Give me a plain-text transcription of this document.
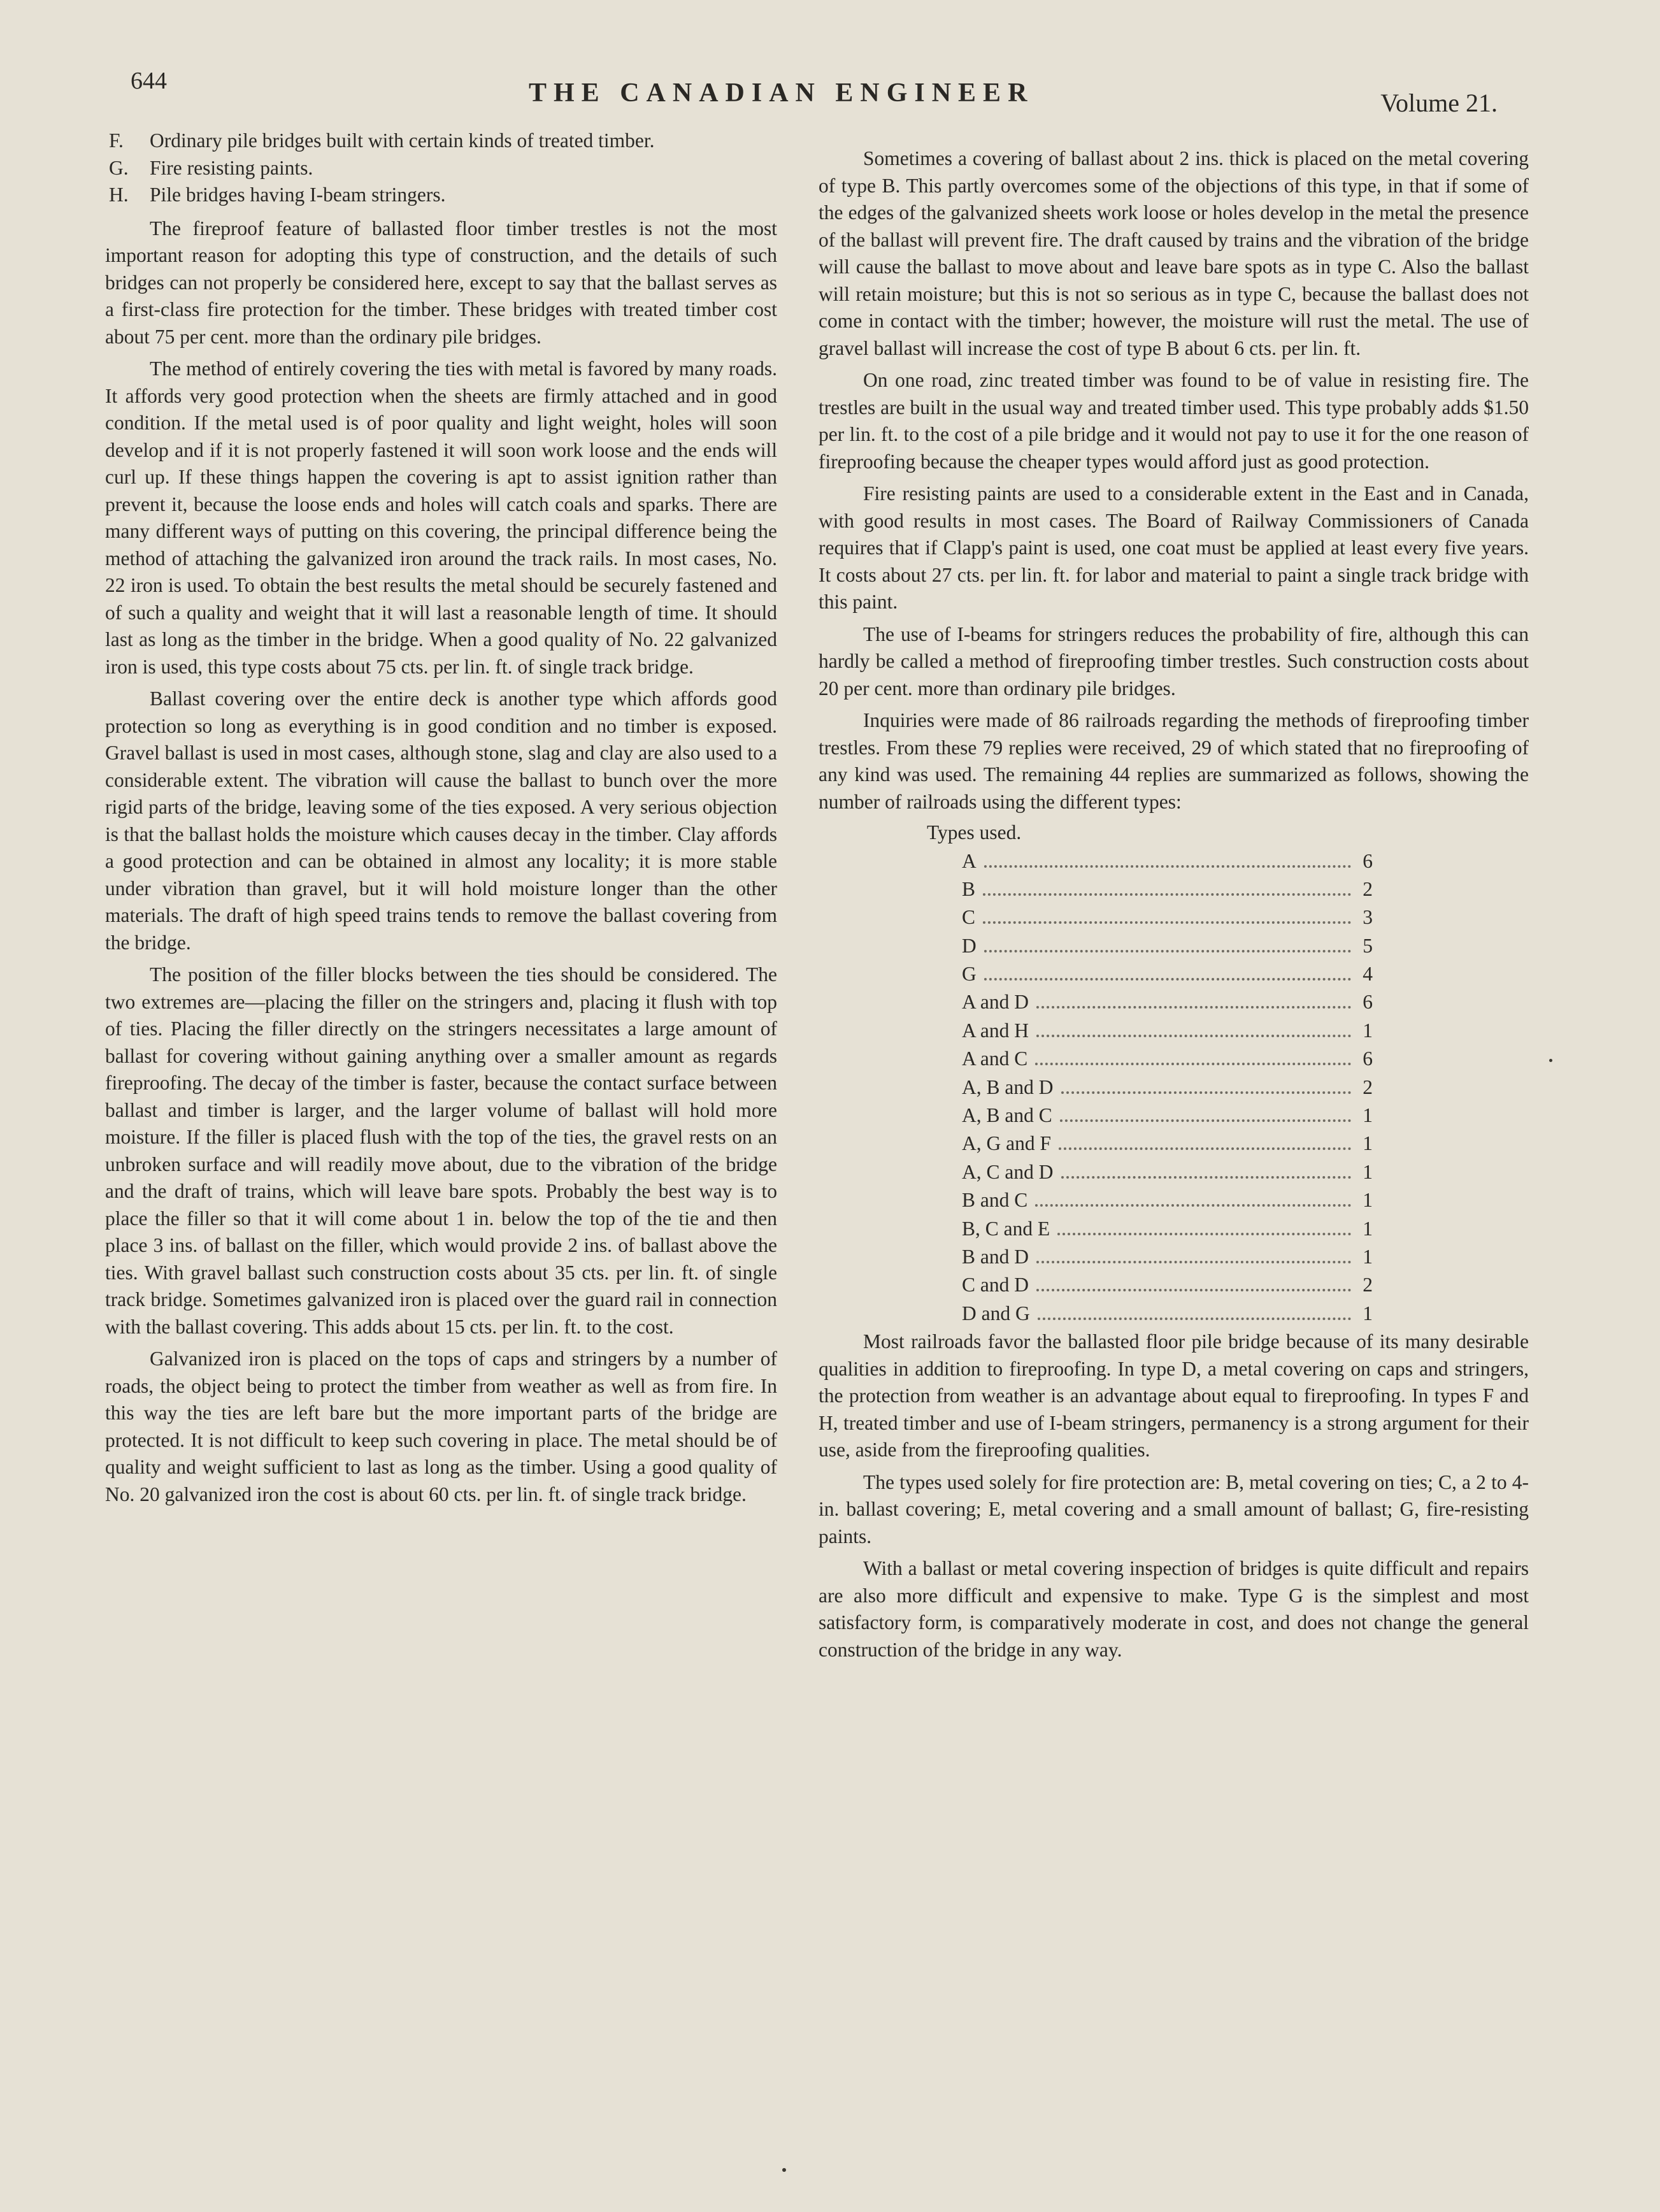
644	THE CANADIAN ENGINEER	Volume 21.
F. Ordinary pile bridges built with certain kinds of treated timber.
G. Fire resisting paints.
H. Pile bridges having I-beam stringers.

The fireproof feature of ballasted floor timber trestles is not the most important reason for adopting this type of construction, and the details of such bridges can not properly be considered here, except to say that the ballast serves as a first-class fire protection for the timber. These bridges with treated timber cost about 75 per cent. more than the ordinary pile bridges.

The method of entirely covering the ties with metal is favored by many roads. It affords very good protection when the sheets are firmly attached and in good condition. If the metal used is of poor quality and light weight, holes will soon develop and if it is not properly fastened it will soon work loose and the ends will curl up. If these things happen the covering is apt to assist ignition rather than prevent it, because the loose ends and holes will catch coals and sparks. There are many different ways of putting on this covering, the principal difference being the method of attaching the galvanized iron around the track rails. In most cases, No. 22 iron is used. To obtain the best results the metal should be securely fastened and of such a quality and weight that it will last a reasonable length of time. It should last as long as the timber in the bridge. When a good quality of No. 22 galvanized iron is used, this type costs about 75 cts. per lin. ft. of single track bridge.

Ballast covering over the entire deck is another type which affords good protection so long as everything is in good condition and no timber is exposed. Gravel ballast is used in most cases, although stone, slag and clay are also used to a considerable extent. The vibration will cause the ballast to bunch over the more rigid parts of the bridge, leaving some of the ties exposed. A very serious objection is that the ballast holds the moisture which causes decay in the timber. Clay affords a good protection and can be obtained in almost any locality; it is more stable under vibration than gravel, but it will hold moisture longer than the other materials. The draft of high speed trains tends to remove the ballast covering from the bridge.

The position of the filler blocks between the ties should be considered. The two extremes are—placing the filler on the stringers and, placing it flush with top of ties. Placing the filler directly on the stringers necessitates a large amount of ballast for covering without gaining anything over a smaller amount as regards fireproofing. The decay of the timber is faster, because the contact surface between ballast and timber is larger, and the larger volume of ballast will hold more moisture. If the filler is placed flush with the top of the ties, the gravel rests on an unbroken surface and will readily move about, due to the vibration of the bridge and the draft of trains, which will leave bare spots. Probably the best way is to place the filler so that it will come about 1 in. below the top of the tie and then place 3 ins. of ballast on the filler, which would provide 2 ins. of ballast above the ties. With gravel ballast such construction costs about 35 cts. per lin. ft. of single track bridge. Sometimes galvanized iron is placed over the guard rail in connection with the ballast covering. This adds about 15 cts. per lin. ft. to the cost.

Galvanized iron is placed on the tops of caps and stringers by a number of roads, the object being to protect the timber from weather as well as from fire. In this way the ties are left bare but the more important parts of the bridge are protected. It is not difficult to keep such covering in place. The metal should be of quality and weight sufficient to last as long as the timber. Using a good quality of No. 20 galvanized iron the cost is about 60 cts. per lin. ft. of single track bridge.

Sometimes a covering of ballast about 2 ins. thick is placed on the metal covering of type B. This partly overcomes some of the objections of this type, in that if some of the edges of the galvanized sheets work loose or holes develop in the metal the presence of the ballast will prevent fire. The draft caused by trains and the vibration of the bridge will cause the ballast to move about and leave bare spots as in type C. Also the ballast will retain moisture; but this is not so serious as in type C, because the ballast does not come in contact with the timber; however, the moisture will rust the metal. The use of gravel ballast will increase the cost of type B about 6 cts. per lin. ft.

On one road, zinc treated timber was found to be of value in resisting fire. The trestles are built in the usual way and treated timber used. This type probably adds $1.50 per lin. ft. to the cost of a pile bridge and it would not pay to use it for the one reason of fireproofing because the cheaper types would afford just as good protection.

Fire resisting paints are used to a considerable extent in the East and in Canada, with good results in most cases. The Board of Railway Commissioners of Canada requires that if Clapp's paint is used, one coat must be applied at least every five years. It costs about 27 cts. per lin. ft. for labor and material to paint a single track bridge with this paint.

The use of I-beams for stringers reduces the probability of fire, although this can hardly be called a method of fireproofing timber trestles. Such construction costs about 20 per cent. more than ordinary pile bridges.

Inquiries were made of 86 railroads regarding the methods of fireproofing timber trestles. From these 79 replies were received, 29 of which stated that no fireproofing of any kind was used. The remaining 44 replies are summarized as follows, showing the number of railroads using the different types:

Types used.
A	6
B	2
C	3
D	5
G	4
A and D	6
A and H	1
A and C	6
A, B and D	2
A, B and C	1
A, G and F	1
A, C and D	1
B and C	1
B, C and E	1
B and D	1
C and D	2
D and G	1

Most railroads favor the ballasted floor pile bridge because of its many desirable qualities in addition to fireproofing. In type D, a metal covering on caps and stringers, the protection from weather is an advantage about equal to fireproofing. In types F and H, treated timber and use of I-beam stringers, permanency is a strong argument for their use, aside from the fireproofing qualities.

The types used solely for fire protection are: B, metal covering on ties; C, a 2 to 4-in. ballast covering; E, metal covering and a small amount of ballast; G, fire-resisting paints.

With a ballast or metal covering inspection of bridges is quite difficult and repairs are also more difficult and expensive to make. Type G is the simplest and most satisfactory form, is comparatively moderate in cost, and does not change the general construction of the bridge in any way.
